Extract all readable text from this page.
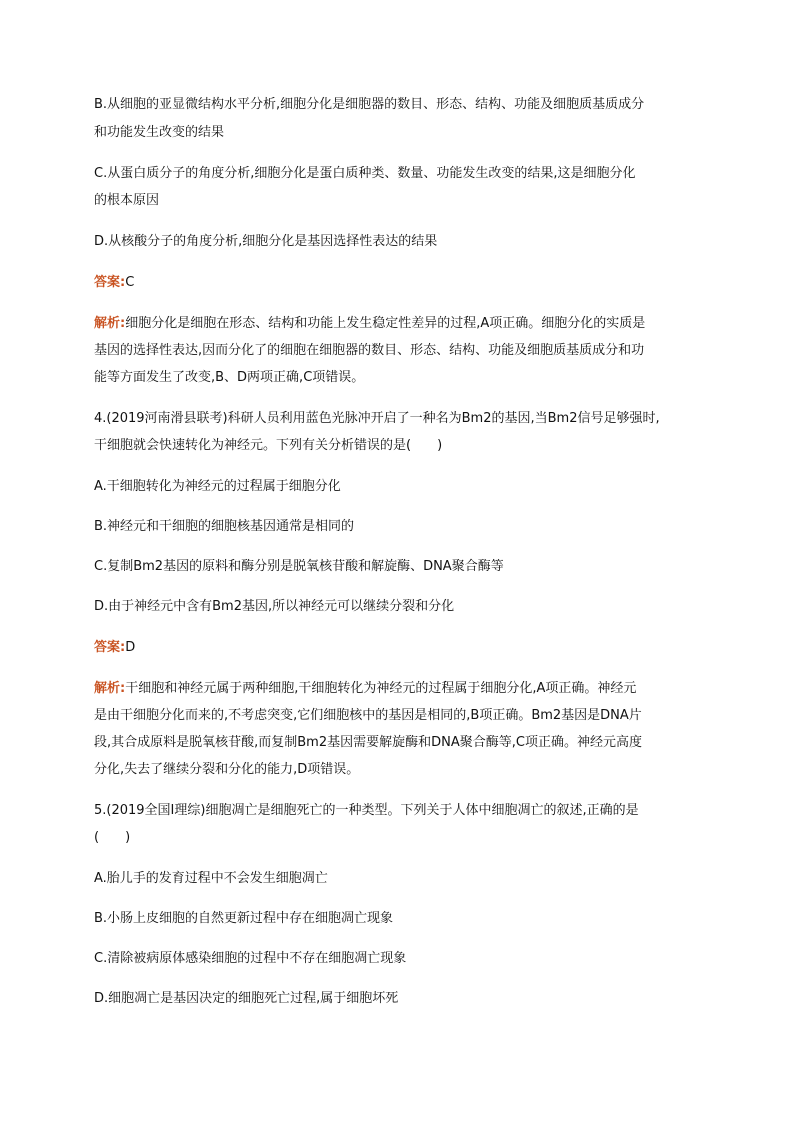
B.从细胞的亚显微结构水平分析,细胞分化是细胞器的数目、形态、结构、功能及细胞质基质成分
和功能发生改变的结果
C.从蛋白质分子的角度分析,细胞分化是蛋白质种类、数量、功能发生改变的结果,这是细胞分化
的根本原因
D.从核酸分子的角度分析,细胞分化是基因选择性表达的结果
答案:C
解析:细胞分化是细胞在形态、结构和功能上发生稳定性差异的过程,A项正确。细胞分化的实质是
基因的选择性表达,因而分化了的细胞在细胞器的数目、形态、结构、功能及细胞质基质成分和功
能等方面发生了改变,B、D两项正确,C项错误。
4.(2019河南滑县联考)科研人员利用蓝色光脉冲开启了一种名为Bm2的基因,当Bm2信号足够强时,
干细胞就会快速转化为神经元。下列有关分析错误的是(　　)
A.干细胞转化为神经元的过程属于细胞分化
B.神经元和干细胞的细胞核基因通常是相同的
C.复制Bm2基因的原料和酶分别是脱氧核苷酸和解旋酶、DNA聚合酶等
D.由于神经元中含有Bm2基因,所以神经元可以继续分裂和分化
答案:D
解析:干细胞和神经元属于两种细胞,干细胞转化为神经元的过程属于细胞分化,A项正确。神经元
是由干细胞分化而来的,不考虑突变,它们细胞核中的基因是相同的,B项正确。Bm2基因是DNA片
段,其合成原料是脱氧核苷酸,而复制Bm2基因需要解旋酶和DNA聚合酶等,C项正确。神经元高度
分化,失去了继续分裂和分化的能力,D项错误。
5.(2019全国Ⅰ理综)细胞凋亡是细胞死亡的一种类型。下列关于人体中细胞凋亡的叙述,正确的是
(　　)
A.胎儿手的发育过程中不会发生细胞凋亡
B.小肠上皮细胞的自然更新过程中存在细胞凋亡现象
C.清除被病原体感染细胞的过程中不存在细胞凋亡现象
D.细胞凋亡是基因决定的细胞死亡过程,属于细胞坏死
